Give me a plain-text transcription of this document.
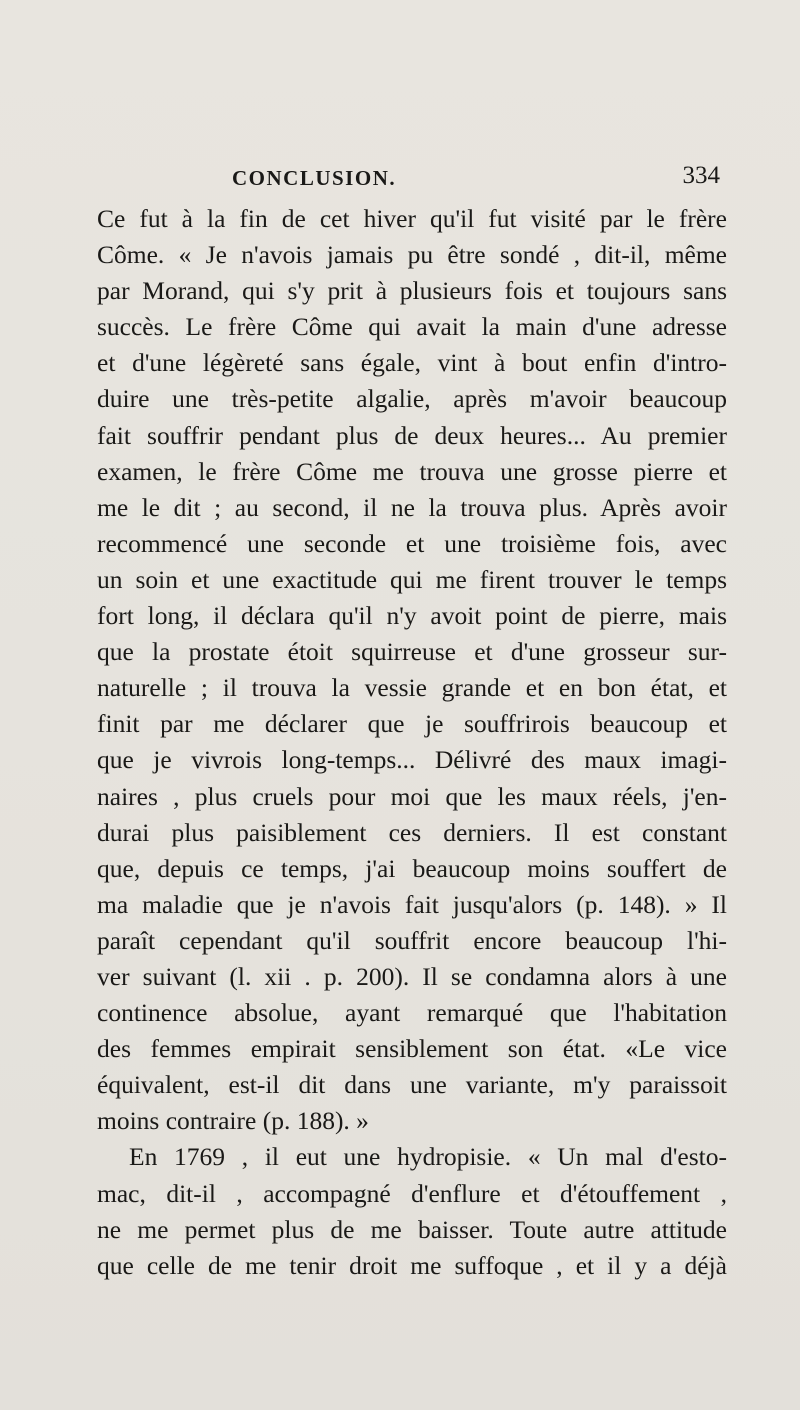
CONCLUSION.	334
Ce fut à la fin de cet hiver qu'il fut visité par le frère
Côme. « Je n'avois jamais pu être sondé , dit-il, même
par Morand, qui s'y prit à plusieurs fois et toujours sans
succès. Le frère Côme qui avait la main d'une adresse
et d'une légèreté sans égale, vint à bout enfin d'intro-
duire une très-petite algalie, après m'avoir beaucoup
fait souffrir pendant plus de deux heures... Au premier
examen, le frère Côme me trouva une grosse pierre et
me le dit ; au second, il ne la trouva plus. Après avoir
recommencé une seconde et une troisième fois, avec
un soin et une exactitude qui me firent trouver le temps
fort long, il déclara qu'il n'y avoit point de pierre, mais
que la prostate étoit squirreuse et d'une grosseur sur-
naturelle ; il trouva la vessie grande et en bon état, et
finit par me déclarer que je souffrirois beaucoup et
que je vivrois long-temps... Délivré des maux imagi-
naires , plus cruels pour moi que les maux réels, j'en-
durai plus paisiblement ces derniers. Il est constant
que, depuis ce temps, j'ai beaucoup moins souffert de
ma maladie que je n'avois fait jusqu'alors (p. 148). » Il
paraît cependant qu'il souffrit encore beaucoup l'hi-
ver suivant (l. xii . p. 200). Il se condamna alors à une
continence absolue, ayant remarqué que l'habitation
des femmes empirait sensiblement son état. «Le vice
équivalent, est-il dit dans une variante, m'y paraissoit
moins contraire (p. 188). »
En 1769 , il eut une hydropisie. « Un mal d'esto-
mac, dit-il , accompagné d'enflure et d'étouffement ,
ne me permet plus de me baisser. Toute autre attitude
que celle de me tenir droit me suffoque , et il y a déjà
